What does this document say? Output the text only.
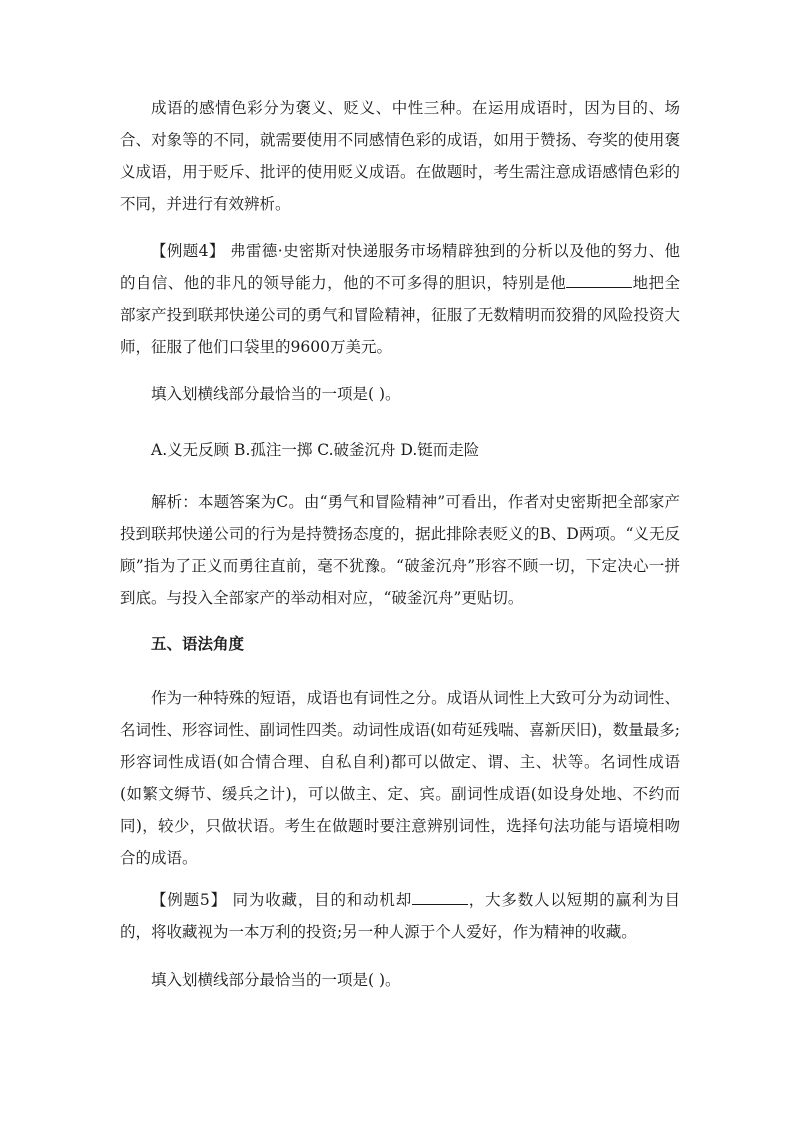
成语的感情色彩分为褒义、贬义、中性三种。在运用成语时，因为目的、场合、对象等的不同，就需要使用不同感情色彩的成语，如用于赞扬、夸奖的使用褒义成语，用于贬斥、批评的使用贬义成语。在做题时，考生需注意成语感情色彩的不同，并进行有效辨析。

【例题4】 弗雷德·史密斯对快递服务市场精辟独到的分析以及他的努力、他的自信、他的非凡的领导能力，他的不可多得的胆识，特别是他	地把全部家产投到联邦快递公司的勇气和冒险精神，征服了无数精明而狡猾的风险投资大师，征服了他们口袋里的9600万美元。

填入划横线部分最恰当的一项是( )。

A.义无反顾 B.孤注一掷 C.破釜沉舟 D.铤而走险

解析：本题答案为C。由“勇气和冒险精神”可看出，作者对史密斯把全部家产投到联邦快递公司的行为是持赞扬态度的，据此排除表贬义的B、D两项。“义无反顾”指为了正义而勇往直前，毫不犹豫。“破釜沉舟”形容不顾一切，下定决心一拼到底。与投入全部家产的举动相对应，“破釜沉舟”更贴切。

五、语法角度

作为一种特殊的短语，成语也有词性之分。成语从词性上大致可分为动词性、名词性、形容词性、副词性四类。动词性成语(如苟延残喘、喜新厌旧)，数量最多;形容词性成语(如合情合理、自私自利)都可以做定、谓、主、状等。名词性成语(如繁文缛节、缓兵之计)，可以做主、定、宾。副词性成语(如设身处地、不约而同)，较少，只做状语。考生在做题时要注意辨别词性，选择句法功能与语境相吻合的成语。

【例题5】 同为收藏，目的和动机却	，大多数人以短期的赢利为目的，将收藏视为一本万利的投资;另一种人源于个人爱好，作为精神的收藏。

填入划横线部分最恰当的一项是( )。
